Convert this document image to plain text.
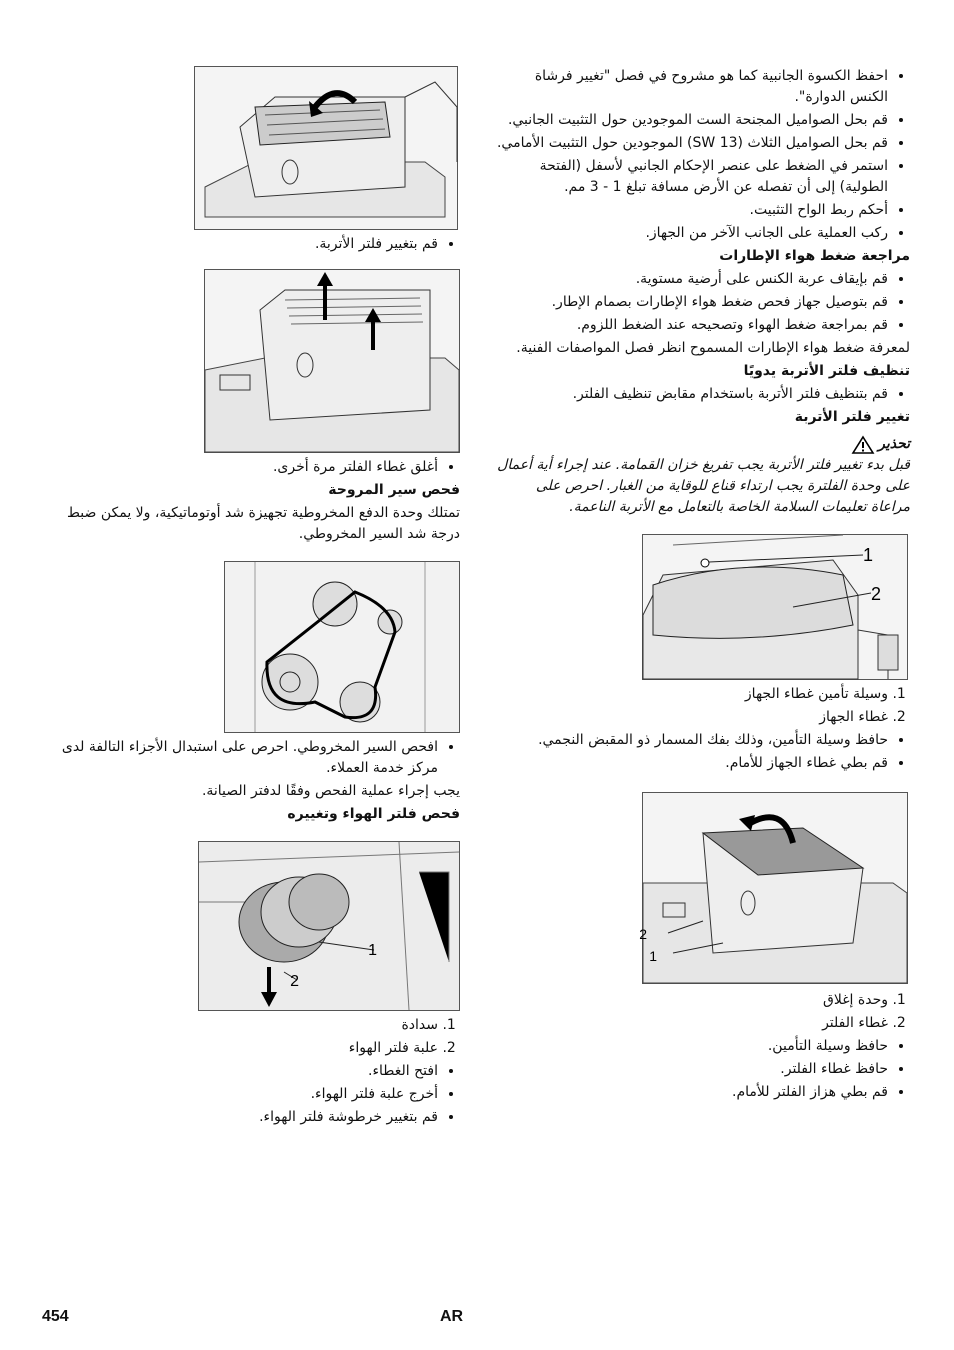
• قم بتغيير فلتر الأتربة.
• أغلق غطاء الفلتر مرة أخرى.
فحص سير المروحة

تمتلك وحدة الدفع المخروطية تجهيزة شد أوتوماتيكية، ولا يمكن ضبط درجة شد السير المخروطي.

• افحص السير المخروطي. احرص على استبدال الأجزاء التالفة لدى مركز خدمة العملاء.

يجب إجراء عملية الفحص وفقًا لدفتر الصيانة.

فحص فلتر الهواء وتغييره
1
2
1. سدادة
2. علبة فلتر الهواء
• افتح الغطاء.
• أخرج علبة فلتر الهواء.
• قم بتغيير خرطوشة فلتر الهواء.
• احفظ الكسوة الجانبية كما هو مشروح في فصل "تغيير فرشاة الكنس الدوارة".
• قم بحل الصواميل المجنحة الست الموجودين حول التثبيت الجانبي.
• قم بحل الصواميل الثلاث (SW 13) الموجودين حول التثبيت الأمامي.
• استمر في الضغط على عنصر الإحكام الجانبي لأسفل (الفتحة الطولية) إلى أن تفصله عن الأرض مسافة تبلغ 1 - 3 مم.
• أحكم ربط الواح التثبيت.
• ركب العملية على الجانب الآخر من الجهاز.
مراجعة ضغط هواء الإطارات
• قم بإيقاف عربة الكنس على أرضية مستوية.
• قم بتوصيل جهاز فحص ضغط هواء الإطارات بصمام الإطار.
• قم بمراجعة ضغط الهواء وتصحيحه عند الضغط اللزوم.

لمعرفة ضغط هواء الإطارات المسموح انظر فصل المواصفات الفنية.

تنظيف فلتر الأتربة يدويًا
• قم بتنظيف فلتر الأتربة باستخدام مقابض تنظيف الفلتر.
تغيير فلتر الأتربة
تحذير

قبل بدء تغيير فلتر الأتربة يجب تفريغ خزان القمامة. عند إجراء أية أعمال على وحدة الفلترة يجب ارتداء قناع للوقاية من الغبار. احرص على مراعاة تعليمات السلامة الخاصة بالتعامل مع الأتربة الناعمة.

1
2
1. وسيلة تأمين غطاء الجهاز
2. غطاء الجهاز
• حافظ وسيلة التأمين، وذلك بفك المسمار ذو المقبض النجمي.
• قم بطي غطاء الجهاز للأمام.
2
1
1. وحدة إغلاق
2. غطاء الفلتر
• حافظ وسيلة التأمين.
• حافظ غطاء الفلتر.
• قم بطي هزاز الفلتر للأمام.
454	AR
